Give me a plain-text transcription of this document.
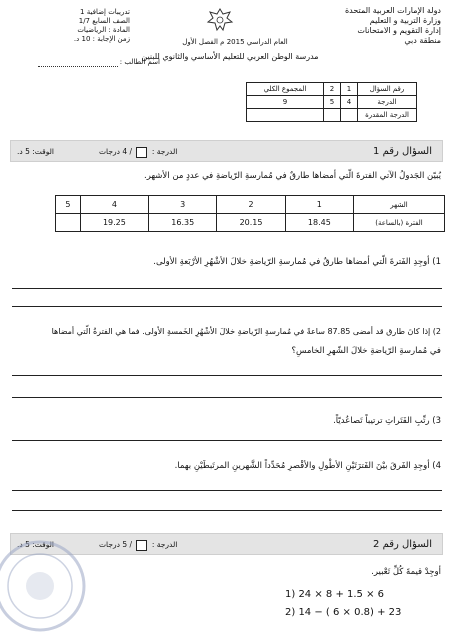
دولة الإمارات العربية المتحدة
وزارة التربية و التعليم
إدارة التقويم و الامتحانات
منطقة دبي
تدريبات إضافية 1
الصف السابع 1/7
المادة : الرياضيات
زمن الإجابة : 10 د.	العام الدراسي 2015 م الفصل الأول
مدرسة الوطن العربي للتعليم الأساسي والثانوي للبنين
اسم الطالب :
رقم السؤال	1	2	المجموع الكلي
الدرجة	4	5	9
الدرجة المقدرة			
السؤال رقم 1
الدرجة :  / 4 درجات
الوقت: 5 د.
يُبيّن الجَدولُ الآتي الفترةَ الّتي أمضاها طارقٌ في مُمارسةِ الرّياضةِ في عددٍ من الأشهر.
الشهر	1	2	3	4	5
الفترة (بالساعة)	18.45	20.15	16.35	19.25	
1) أوجِدِ الفَترةَ الّتي أمضاها طارقٌ في مُمارسةِ الرّياضةِ خلالَ الأشْهُرِ الأرْبَعةِ الأولى.
2) إذا كانَ طارق قد أمضى 87.85 ساعةً في مُمارسةِ الرّياضةِ خلالَ الأشْهُرِ الخَمسةِ الأولى. فما هي الفترةُ الّتي أمضاها
في مُمارسةِ الرّياضةِ خلالَ الشّهرِ الخامسِ؟
3) رتِّبِ الفَتَراتِ ترتيباً تَصاعُديّاً.
4) أوجِدِ الفَرقَ بيْنَ الفَترَتَيْنِ الأطْولِ والأقْصرِ مُحَدِّداً الشَّهرينِ المرتَبطَيْنِ بهما.
السؤال رقم 2
الدرجة :  / 5 درجات
الوقت: 5 د.
أوجِدْ قيمةَ كُلِّ تَعْبير.
1) 24 × 8 + 1.5 × 6
2) 14 − ( 6 × 0.8) + 23
